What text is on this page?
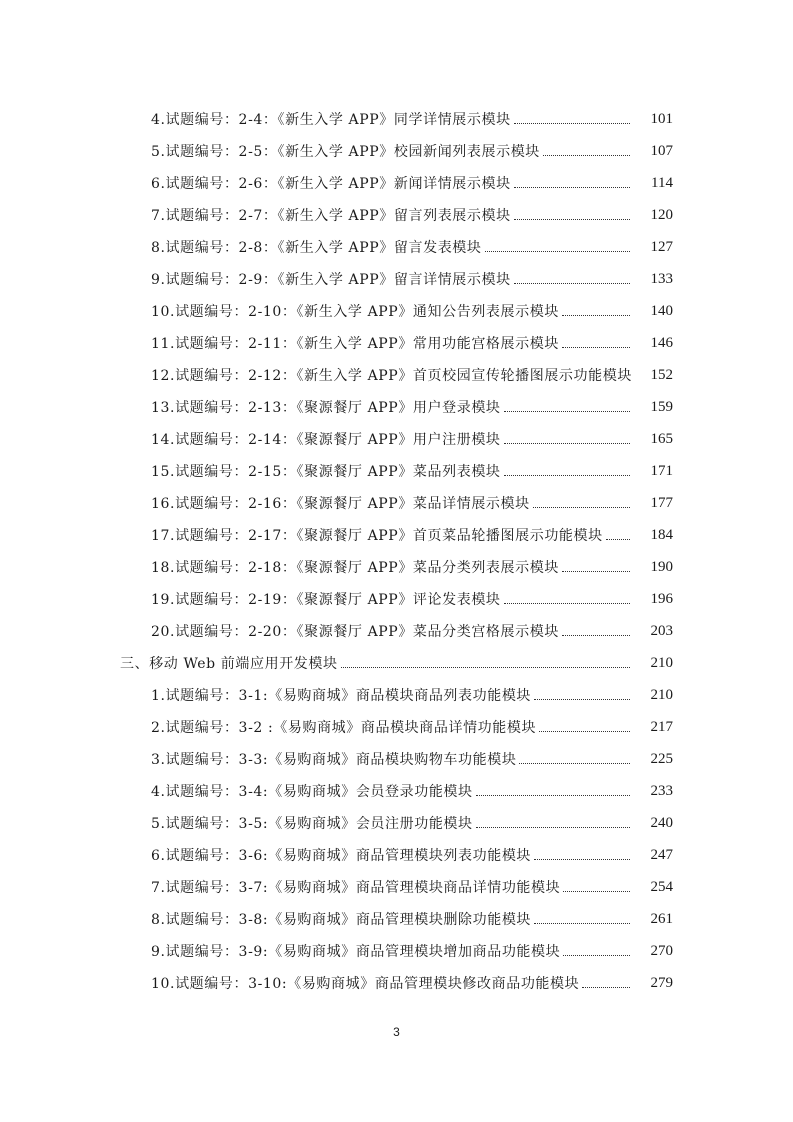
4.试题编号：2-4：《新生入学 APP》同学详情展示模块	101
5.试题编号：2-5：《新生入学 APP》校园新闻列表展示模块	107
6.试题编号：2-6：《新生入学 APP》新闻详情展示模块	114
7.试题编号：2-7：《新生入学 APP》留言列表展示模块	120
8.试题编号：2-8：《新生入学 APP》留言发表模块	127
9.试题编号：2-9：《新生入学 APP》留言详情展示模块	133
10.试题编号：2-10：《新生入学 APP》通知公告列表展示模块	140
11.试题编号：2-11：《新生入学 APP》常用功能宫格展示模块	146
12.试题编号：2-12：《新生入学 APP》首页校园宣传轮播图展示功能模块	152
13.试题编号：2-13：《聚源餐厅 APP》用户登录模块	159
14.试题编号：2-14：《聚源餐厅 APP》用户注册模块	165
15.试题编号：2-15：《聚源餐厅 APP》菜品列表模块	171
16.试题编号：2-16：《聚源餐厅 APP》菜品详情展示模块	177
17.试题编号：2-17：《聚源餐厅 APP》首页菜品轮播图展示功能模块	184
18.试题编号：2-18：《聚源餐厅 APP》菜品分类列表展示模块	190
19.试题编号：2-19：《聚源餐厅 APP》评论发表模块	196
20.试题编号：2-20：《聚源餐厅 APP》菜品分类宫格展示模块	203
三、移动 Web 前端应用开发模块	210
1.试题编号：3-1:《易购商城》商品模块商品列表功能模块	210
2.试题编号：3-2 :《易购商城》商品模块商品详情功能模块	217
3.试题编号：3-3:《易购商城》商品模块购物车功能模块	225
4.试题编号：3-4:《易购商城》会员登录功能模块	233
5.试题编号：3-5:《易购商城》会员注册功能模块	240
6.试题编号：3-6:《易购商城》商品管理模块列表功能模块	247
7.试题编号：3-7:《易购商城》商品管理模块商品详情功能模块	254
8.试题编号：3-8:《易购商城》商品管理模块删除功能模块	261
9.试题编号：3-9:《易购商城》商品管理模块增加商品功能模块	270
10.试题编号：3-10:《易购商城》商品管理模块修改商品功能模块	279
3
